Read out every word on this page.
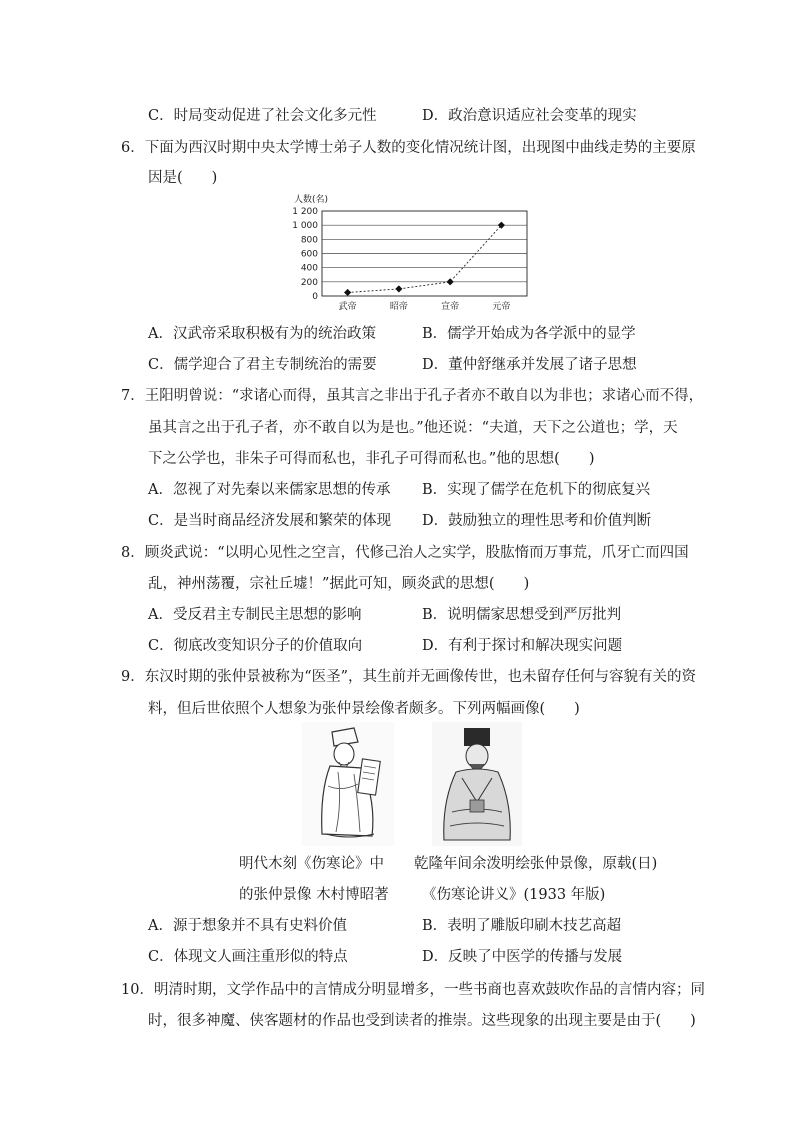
C．时局变动促进了社会文化多元性	D．政治意识适应社会变革的现实
6．下面为西汉时期中央太学博士弟子人数的变化情况统计图，出现图中曲线走势的主要原
因是(　　)
人数(名)
0
200
400
600
800
1 000
1 200
武帝	昭帝	宣帝	元帝
A．汉武帝采取积极有为的统治政策	B．儒学开始成为各学派中的显学
C．儒学迎合了君主专制统治的需要	D．董仲舒继承并发展了诸子思想
7．王阳明曾说：“求诸心而得，虽其言之非出于孔子者亦不敢自以为非也；求诸心而不得，
虽其言之出于孔子者，亦不敢自以为是也。”他还说：“夫道，天下之公道也；学，天
下之公学也，非朱子可得而私也，非孔子可得而私也。”他的思想(　　)
A．忽视了对先秦以来儒家思想的传承 B．实现了儒学在危机下的彻底复兴
C．是当时商品经济发展和繁荣的体现 D．鼓励独立的理性思考和价值判断
8．顾炎武说：“以明心见性之空言，代修己治人之实学，股肱惰而万事荒，爪牙亡而四国
乱，神州荡覆，宗社丘墟！”据此可知，顾炎武的思想(　　)
A．受反君主专制民主思想的影响	B．说明儒家思想受到严厉批判
C．彻底改变知识分子的价值取向	D．有利于探讨和解决现实问题
9．东汉时期的张仲景被称为“医圣”，其生前并无画像传世，也未留存任何与容貌有关的资
料，但后世依照个人想象为张仲景绘像者颇多。下列两幅画像(　　)
明代木刻《伤寒论》中
的张仲景像 木村博昭著
乾隆年间余泼明绘张仲景像，原载(日)
《伤寒论讲义》(1933 年版)
A．源于想象并不具有史料价值	B．表明了雕版印刷木技艺高超
C．体现文人画注重形似的特点	D．反映了中医学的传播与发展
10．明清时期，文学作品中的言情成分明显增多，一些书商也喜欢鼓吹作品的言情内容；同
时，很多神魔、侠客题材的作品也受到读者的推崇。这些现象的出现主要是由于(　　)
